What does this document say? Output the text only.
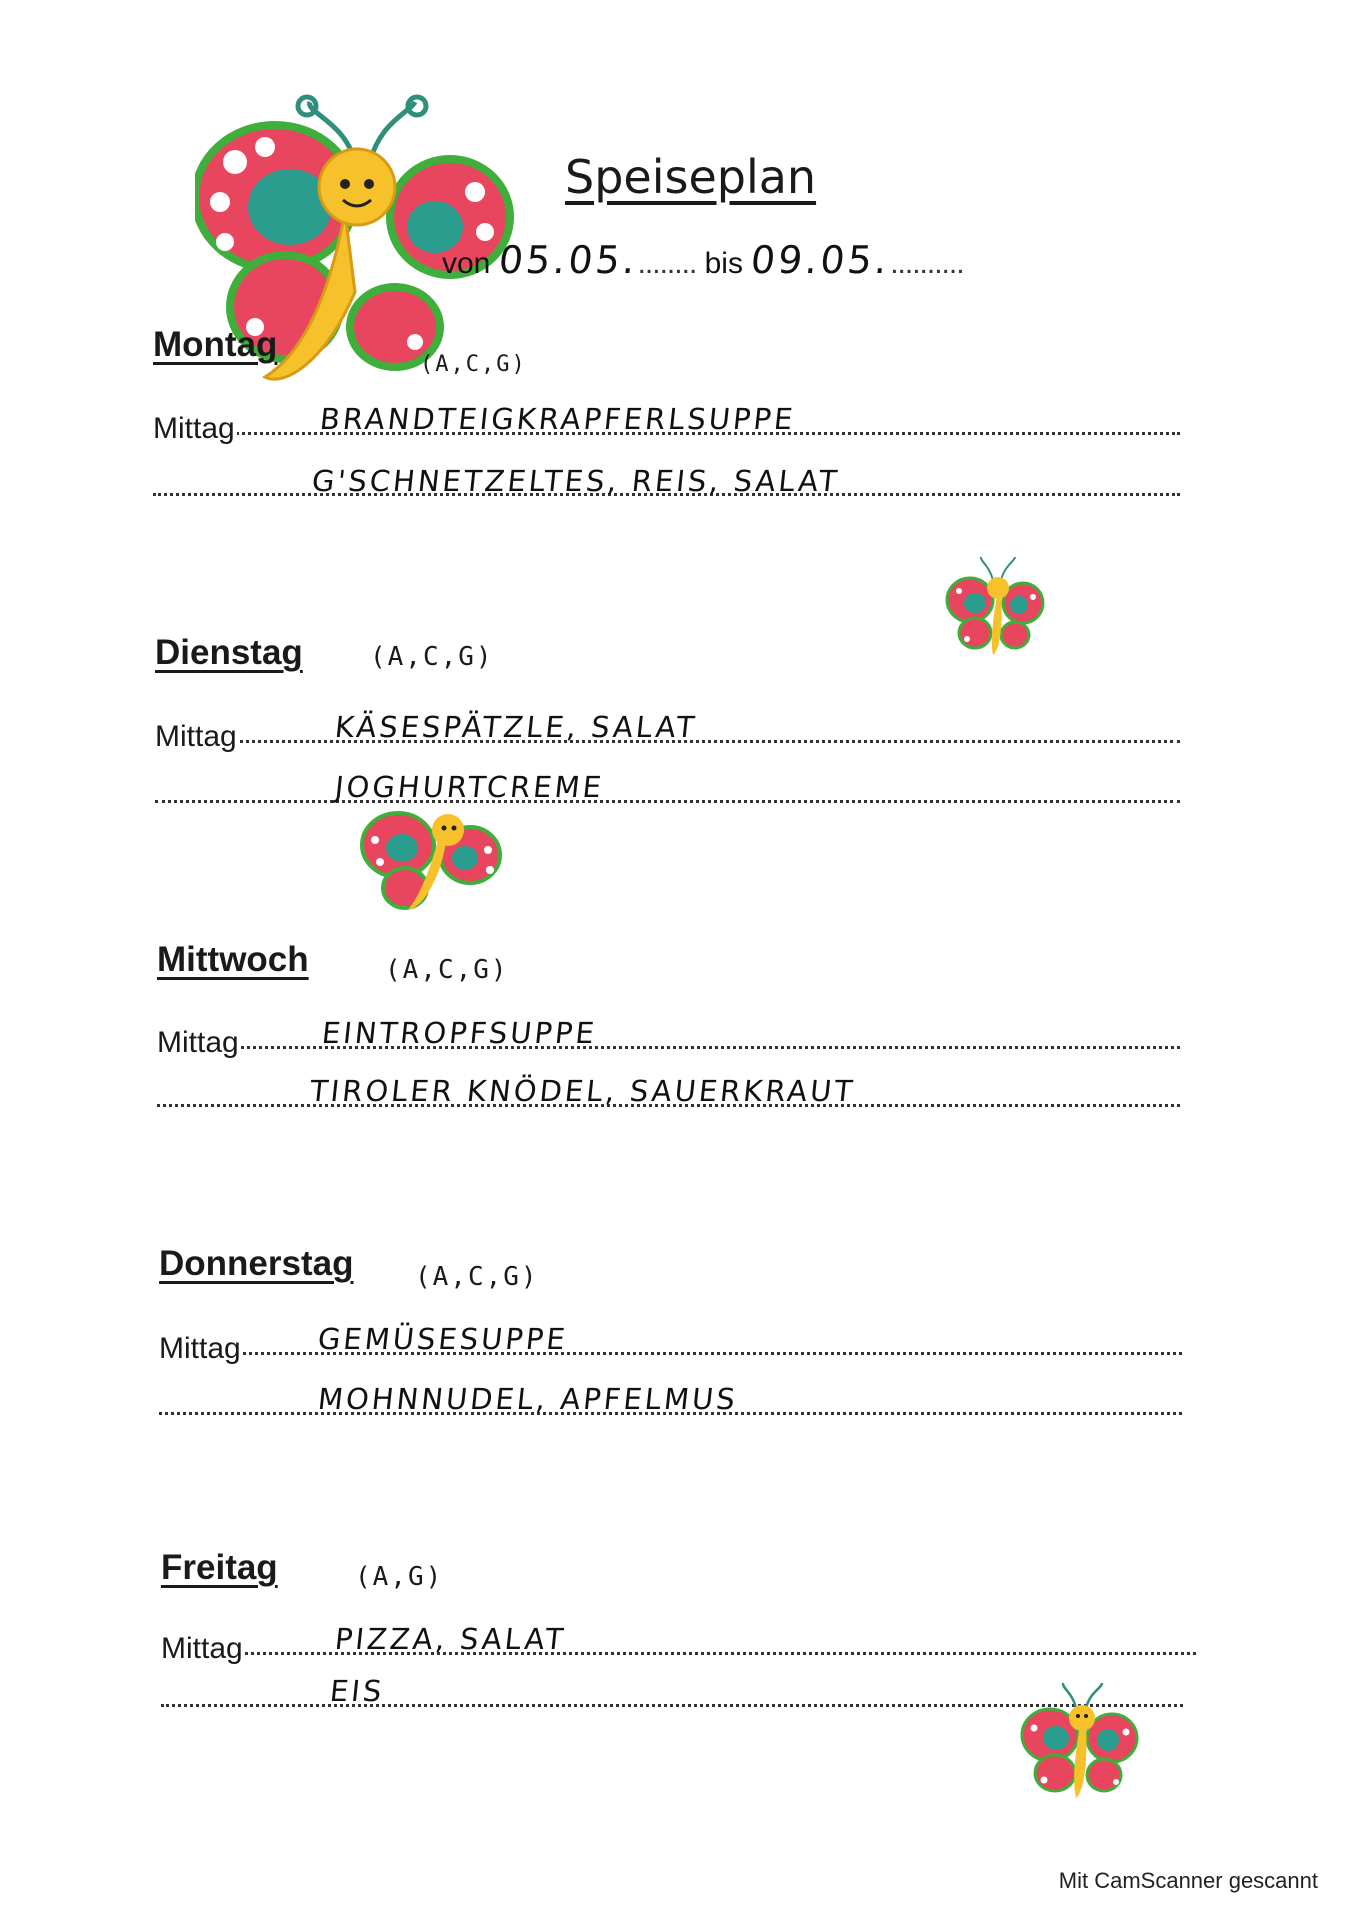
Speiseplan
von 05.05......... bis 09.05...........
Montag
(A,C,G)
Mittag	BRANDTEIGKRAPFERLSUPPE
G'SCHNETZELTES, REIS, SALAT
Dienstag	(A,C,G)
Mittag	KÄSESPÄTZLE, SALAT
JOGHURTCREME
Mittwoch	(A,C,G)
Mittag	EINTROPFSUPPE
TIROLER KNÖDEL, SAUERKRAUT
Donnerstag (A,C,G)
Mittag	GEMÜSESUPPE
MOHNNUDEL, APFELMUS
Freitag	(A,G)
Mittag	PIZZA, SALAT
EIS
Mit CamScanner gescannt
